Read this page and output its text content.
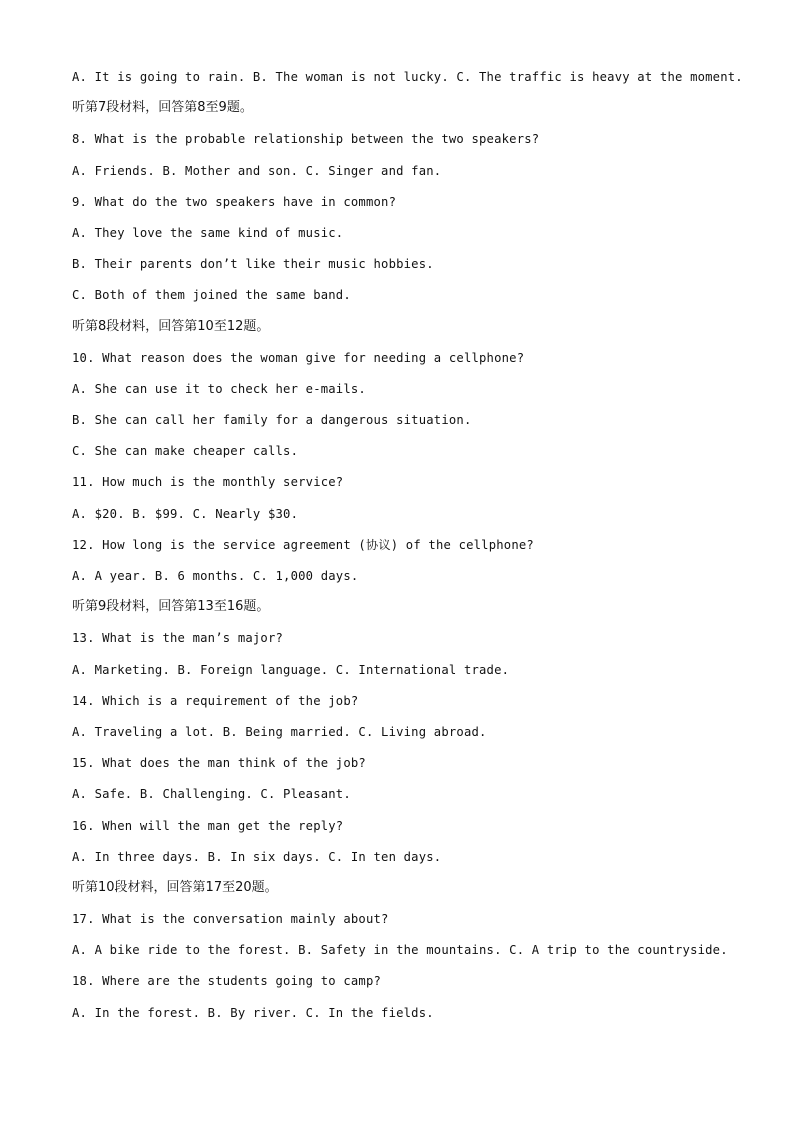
A. It is going to rain. B. The woman is not lucky. C. The traffic is heavy at the moment.
听第7段材料，回答第8至9题。
8. What is the probable relationship between the two speakers?
A. Friends. B. Mother and son. C. Singer and fan.
9. What do the two speakers have in common?
A. They love the same kind of music.
B. Their parents don’t like their music hobbies.
C. Both of them joined the same band.
听第8段材料，回答第10至12题。
10. What reason does the woman give for needing a cellphone?
A. She can use it to check her e-mails.
B. She can call her family for a dangerous situation.
C. She can make cheaper calls.
11. How much is the monthly service?
A. $20. B. $99. C. Nearly $30.
12. How long is the service agreement (协议) of the cellphone?
A. A year. B. 6 months. C. 1,000 days.
听第9段材料，回答第13至16题。
13. What is the man’s major?
A. Marketing. B. Foreign language. C. International trade.
14. Which is a requirement of the job?
A. Traveling a lot. B. Being married. C. Living abroad.
15. What does the man think of the job?
A. Safe. B. Challenging. C. Pleasant.
16. When will the man get the reply?
A. In three days. B. In six days. C. In ten days.
听第10段材料，回答第17至20题。
17. What is the conversation mainly about?
A. A bike ride to the forest. B. Safety in the mountains. C. A trip to the countryside.
18. Where are the students going to camp?
A. In the forest. B. By river. C. In the fields.
